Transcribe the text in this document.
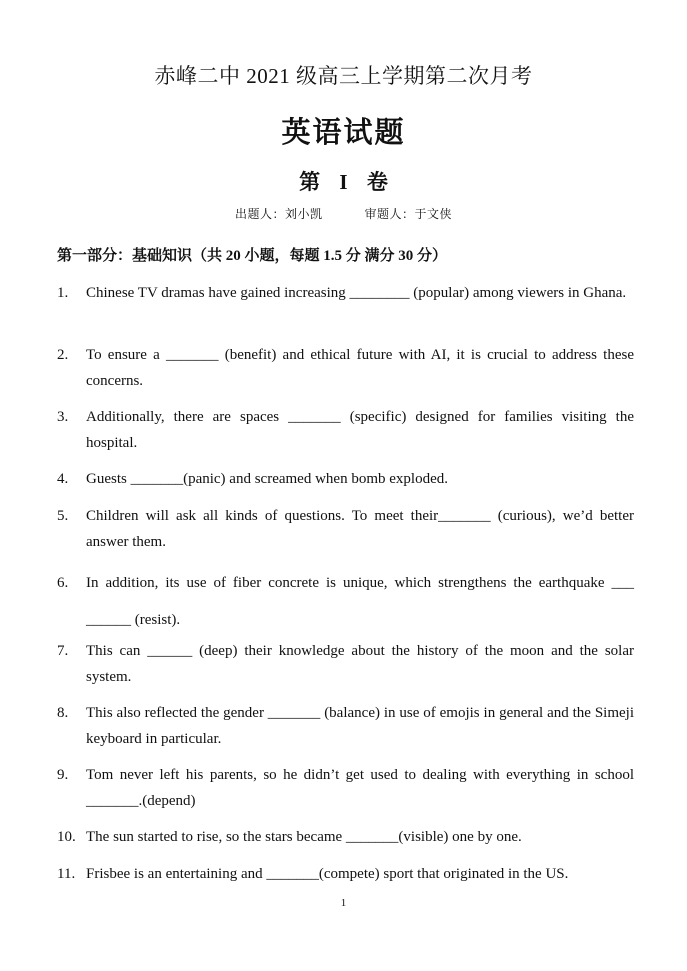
赤峰二中 2021 级高三上学期第二次月考
英语试题
第 I 卷
出题人：刘小凯	审题人：于文侠
第一部分：基础知识（共 20 小题，每题 1.5 分 满分 30 分）
1.	Chinese TV dramas have gained increasing ________ (popular) among viewers in Ghana.
2.	To ensure a _______ (benefit) and ethical future with AI, it is crucial to address these concerns.
3.	Additionally, there are spaces _______ (specific) designed for families visiting the hospital.
4.	Guests _______(panic) and screamed when bomb exploded.
5.	Children will ask all kinds of questions. To meet their_______ (curious), we’d better answer them.
6.	In addition, its use of fiber concrete is unique, which strengthens the earthquake ___ ______ (resist).
7.	This can ______ (deep) their knowledge about the history of the moon and the solar system.
8.	This also reflected the gender _______ (balance) in use of emojis in general and the Simeji keyboard in particular.
9.	Tom never left his parents, so he didn’t get used to dealing with everything in school _______.(depend)
10. The sun started to rise, so the stars became _______(visible) one by one.
11. Frisbee is an entertaining and _______(compete) sport that originated in the US.
1
